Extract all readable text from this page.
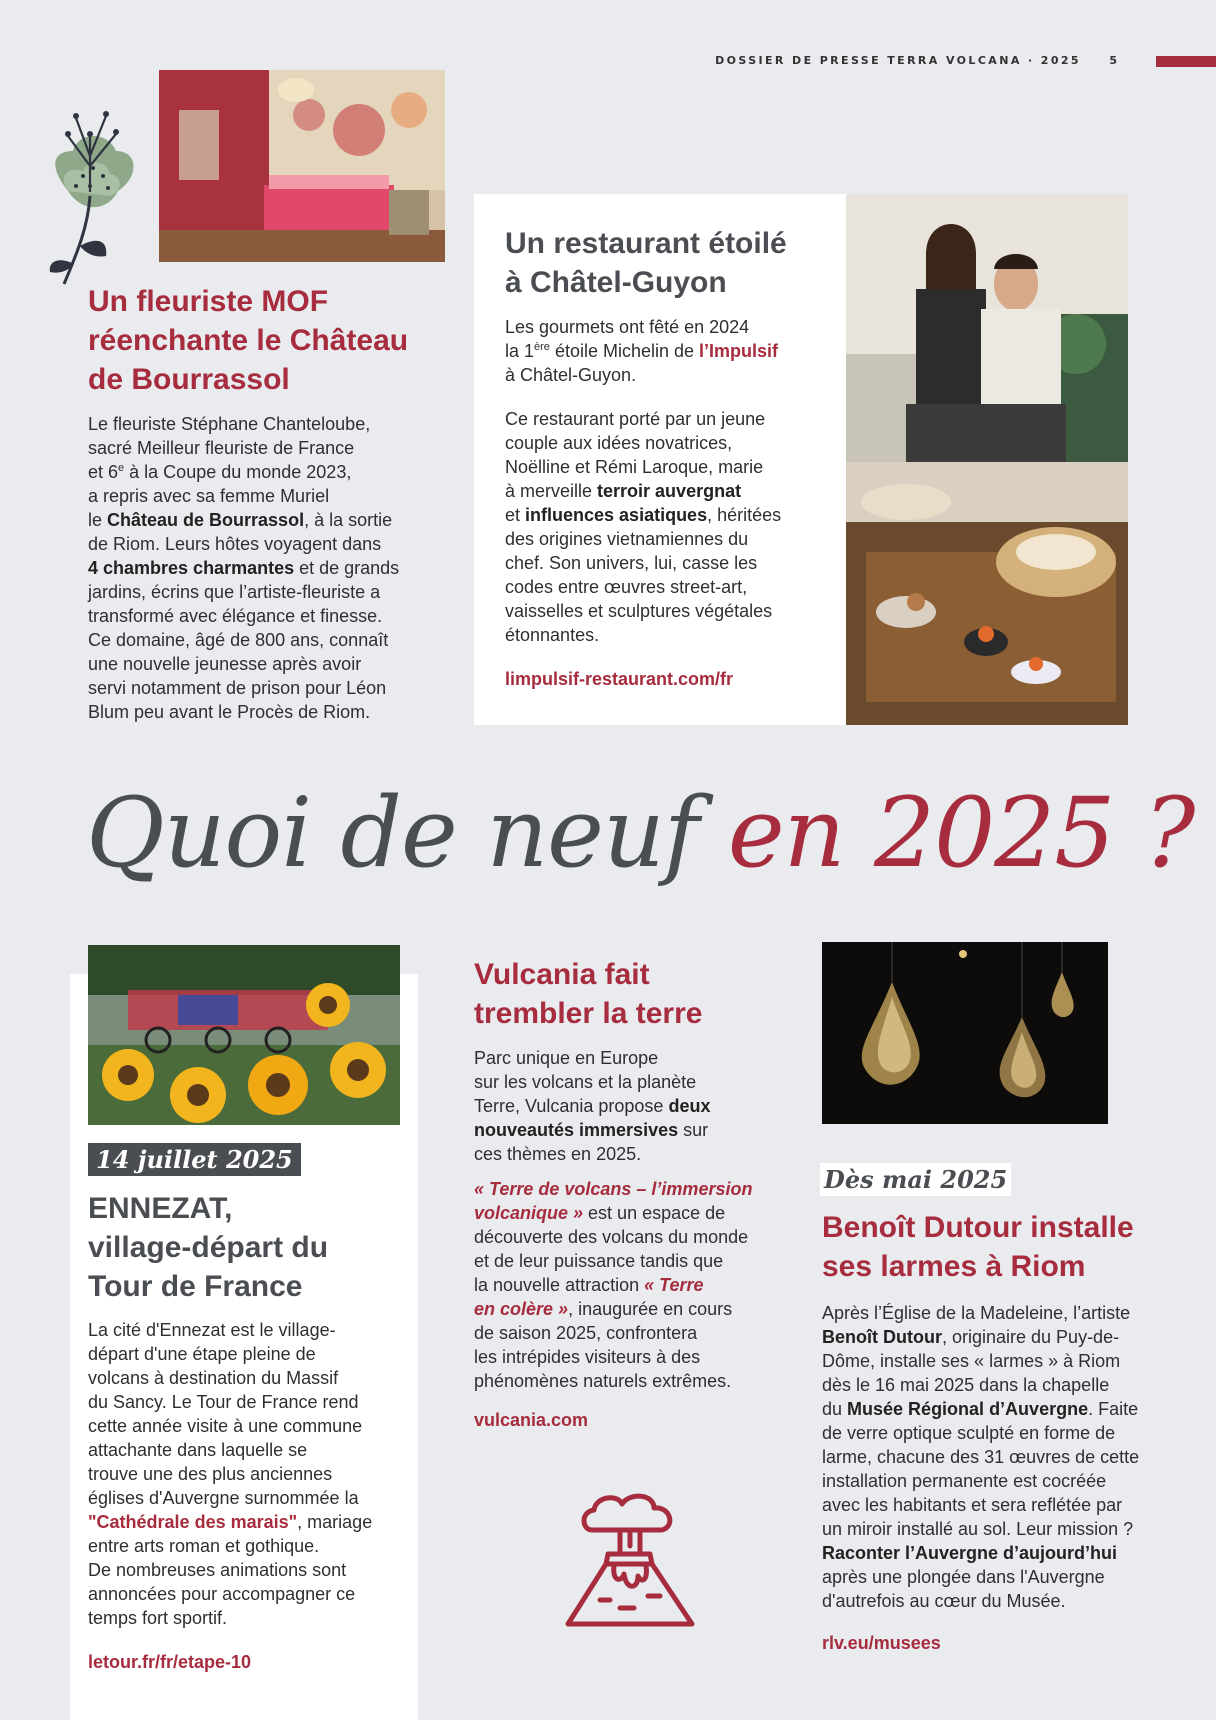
DOSSIER DE PRESSE TERRA VOLCANA · 2025	5
Un fleuriste MOF
réenchante le Château
de Bourrassol

Le fleuriste Stéphane Chanteloube,
sacré Meilleur fleuriste de France
et 6e à la Coupe du monde 2023,
a repris avec sa femme Muriel
le Château de Bourrassol, à la sortie
de Riom. Leurs hôtes voyagent dans
4 chambres charmantes et de grands
jardins, écrins que l’artiste-fleuriste a
transformé avec élégance et finesse.
Ce domaine, âgé de 800 ans, connaît
une nouvelle jeunesse après avoir
servi notamment de prison pour Léon
Blum peu avant le Procès de Riom.

Un restaurant étoilé
à Châtel-Guyon

Les gourmets ont fêté en 2024
la 1ère étoile Michelin de l’Impulsif
à Châtel-Guyon.

Ce restaurant porté par un jeune
couple aux idées novatrices,
Noëlline et Rémi Laroque, marie
à merveille terroir auvergnat
et influences asiatiques, héritées
des origines vietnamiennes du
chef. Son univers, lui, casse les
codes entre œuvres street-art,
vaisselles et sculptures végétales
étonnantes.

limpulsif-restaurant.com/fr
Quoi de neuf en 2025 ?
14 juillet 2025
ENNEZAT,
village-départ du
Tour de France

La cité d'Ennezat est le village-
départ d'une étape pleine de
volcans à destination du Massif
du Sancy. Le Tour de France rend
cette année visite à une commune
attachante dans laquelle se
trouve une des plus anciennes
églises d'Auvergne surnommée la
"Cathédrale des marais", mariage
entre arts roman et gothique.
De nombreuses animations sont
annoncées pour accompagner ce
temps fort sportif.

letour.fr/fr/etape-10
Vulcania fait
trembler la terre

Parc unique en Europe
sur les volcans et la planète
Terre, Vulcania propose deux
nouveautés immersives sur
ces thèmes en 2025.

« Terre de volcans – l’immersion
volcanique » est un espace de
découverte des volcans du monde
et de leur puissance tandis que
la nouvelle attraction « Terre
en colère », inaugurée en cours
de saison 2025, confrontera
les intrépides visiteurs à des
phénomènes naturels extrêmes.

vulcania.com
Dès mai 2025
Benoît Dutour installe
ses larmes à Riom

Après l’Église de la Madeleine, l’artiste
Benoît Dutour, originaire du Puy-de-
Dôme, installe ses « larmes » à Riom
dès le 16 mai 2025 dans la chapelle
du Musée Régional d’Auvergne. Faite
de verre optique sculpté en forme de
larme, chacune des 31 œuvres de cette
installation permanente est cocréée
avec les habitants et sera reflétée par
un miroir installé au sol. Leur mission ?
Raconter l’Auvergne d’aujourd’hui
après une plongée dans l'Auvergne
d'autrefois au cœur du Musée.

rlv.eu/musees
